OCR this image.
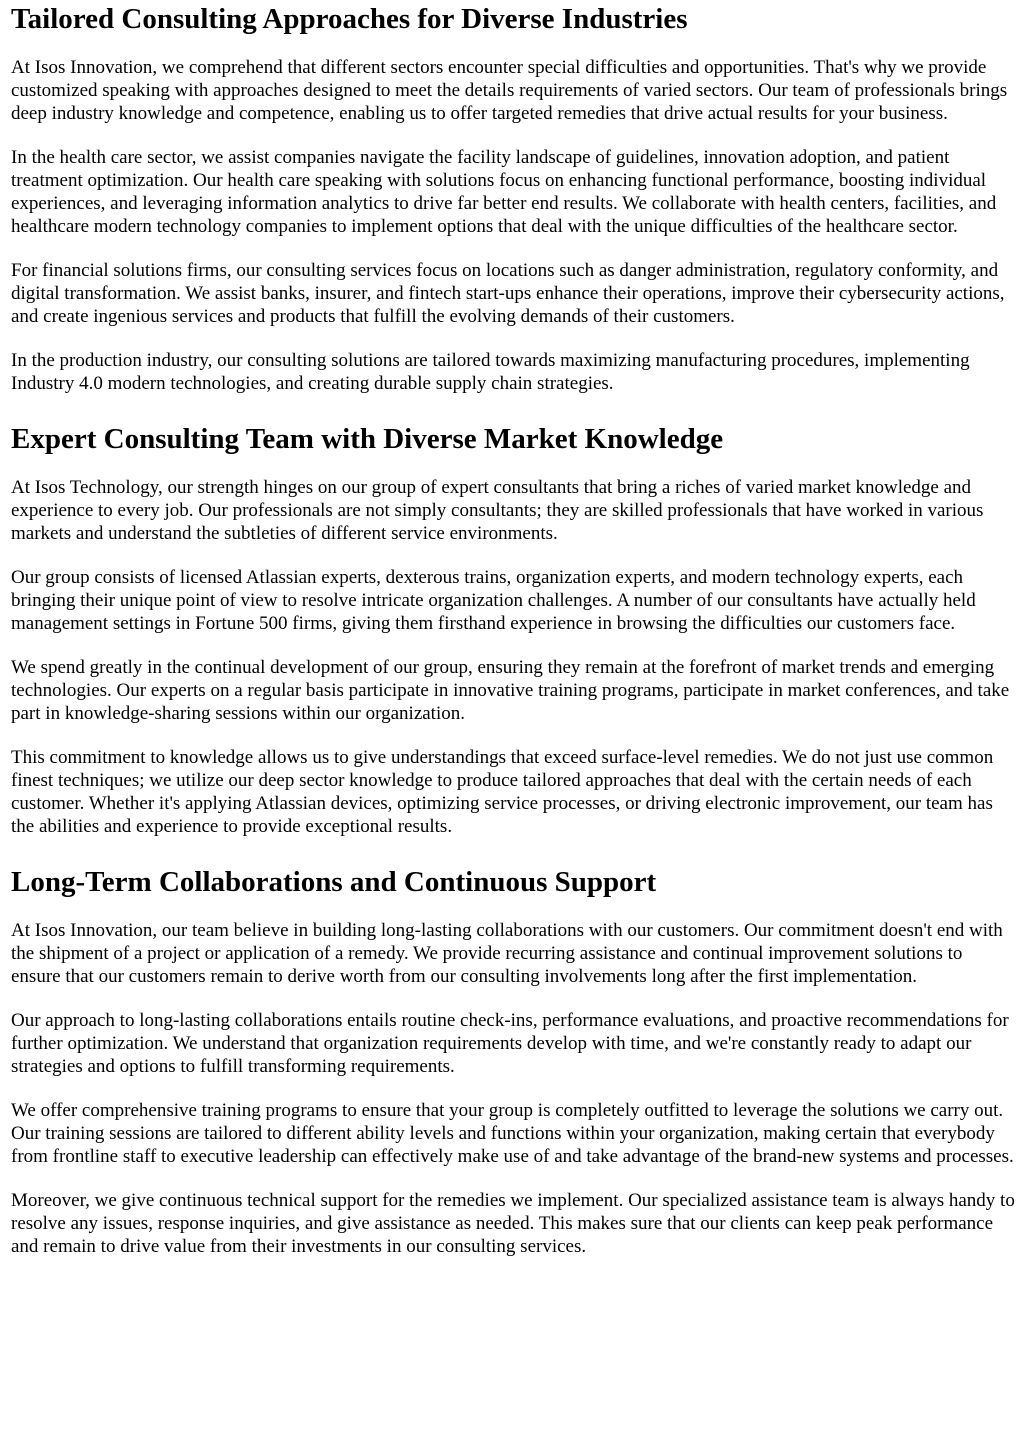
Tailored Consulting Approaches for Diverse Industries

At Isos Innovation, we comprehend that different sectors encounter special difficulties and opportunities. That's why we provide customized speaking with approaches designed to meet the details requirements of varied sectors. Our team of professionals brings deep industry knowledge and competence, enabling us to offer targeted remedies that drive actual results for your business.

In the health care sector, we assist companies navigate the facility landscape of guidelines, innovation adoption, and patient treatment optimization. Our health care speaking with solutions focus on enhancing functional performance, boosting individual experiences, and leveraging information analytics to drive far better end results. We collaborate with health centers, facilities, and healthcare modern technology companies to implement options that deal with the unique difficulties of the healthcare sector.

For financial solutions firms, our consulting services focus on locations such as danger administration, regulatory conformity, and digital transformation. We assist banks, insurer, and fintech start-ups enhance their operations, improve their cybersecurity actions, and create ingenious services and products that fulfill the evolving demands of their customers.

In the production industry, our consulting solutions are tailored towards maximizing manufacturing procedures, implementing Industry 4.0 modern technologies, and creating durable supply chain strategies.

Expert Consulting Team with Diverse Market Knowledge

At Isos Technology, our strength hinges on our group of expert consultants that bring a riches of varied market knowledge and experience to every job. Our professionals are not simply consultants; they are skilled professionals that have worked in various markets and understand the subtleties of different service environments.

Our group consists of licensed Atlassian experts, dexterous trains, organization experts, and modern technology experts, each bringing their unique point of view to resolve intricate organization challenges. A number of our consultants have actually held management settings in Fortune 500 firms, giving them firsthand experience in browsing the difficulties our customers face.

We spend greatly in the continual development of our group, ensuring they remain at the forefront of market trends and emerging technologies. Our experts on a regular basis participate in innovative training programs, participate in market conferences, and take part in knowledge-sharing sessions within our organization.

This commitment to knowledge allows us to give understandings that exceed surface-level remedies. We do not just use common finest techniques; we utilize our deep sector knowledge to produce tailored approaches that deal with the certain needs of each customer. Whether it's applying Atlassian devices, optimizing service processes, or driving electronic improvement, our team has the abilities and experience to provide exceptional results.

Long-Term Collaborations and Continuous Support

At Isos Innovation, our team believe in building long-lasting collaborations with our customers. Our commitment doesn't end with the shipment of a project or application of a remedy. We provide recurring assistance and continual improvement solutions to ensure that our customers remain to derive worth from our consulting involvements long after the first implementation.

Our approach to long-lasting collaborations entails routine check-ins, performance evaluations, and proactive recommendations for further optimization. We understand that organization requirements develop with time, and we're constantly ready to adapt our strategies and options to fulfill transforming requirements.

We offer comprehensive training programs to ensure that your group is completely outfitted to leverage the solutions we carry out. Our training sessions are tailored to different ability levels and functions within your organization, making certain that everybody from frontline staff to executive leadership can effectively make use of and take advantage of the brand-new systems and processes.

Moreover, we give continuous technical support for the remedies we implement. Our specialized assistance team is always handy to resolve any issues, response inquiries, and give assistance as needed. This makes sure that our clients can keep peak performance and remain to drive value from their investments in our consulting services.
